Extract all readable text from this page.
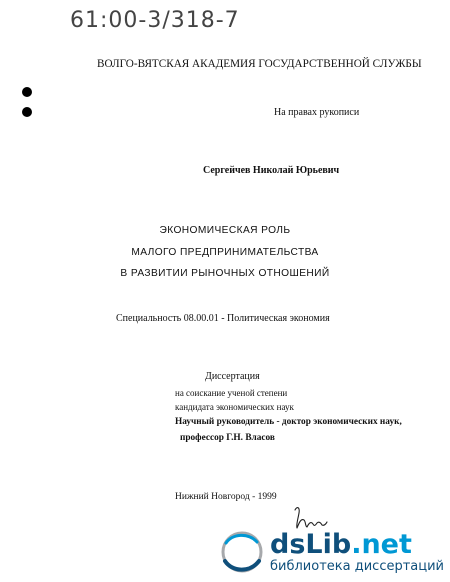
61:00-3/318-7
ВОЛГО-ВЯТСКАЯ АКАДЕМИЯ ГОСУДАРСТВЕННОЙ СЛУЖБЫ
На правах рукописи
Сергейчев Николай Юрьевич
ЭКОНОМИЧЕСКАЯ РОЛЬ
МАЛОГО ПРЕДПРИНИМАТЕЛЬСТВА
В РАЗВИТИИ РЫНОЧНЫХ ОТНОШЕНИЙ
Специальность 08.00.01 - Политическая экономия
Диссертация
на соискание ученой степени
кандидата экономических наук
Научный руководитель - доктор экономических наук,
профессор Г.Н. Власов
Нижний Новгород - 1999
dsLib.net
библиотека диссертаций
